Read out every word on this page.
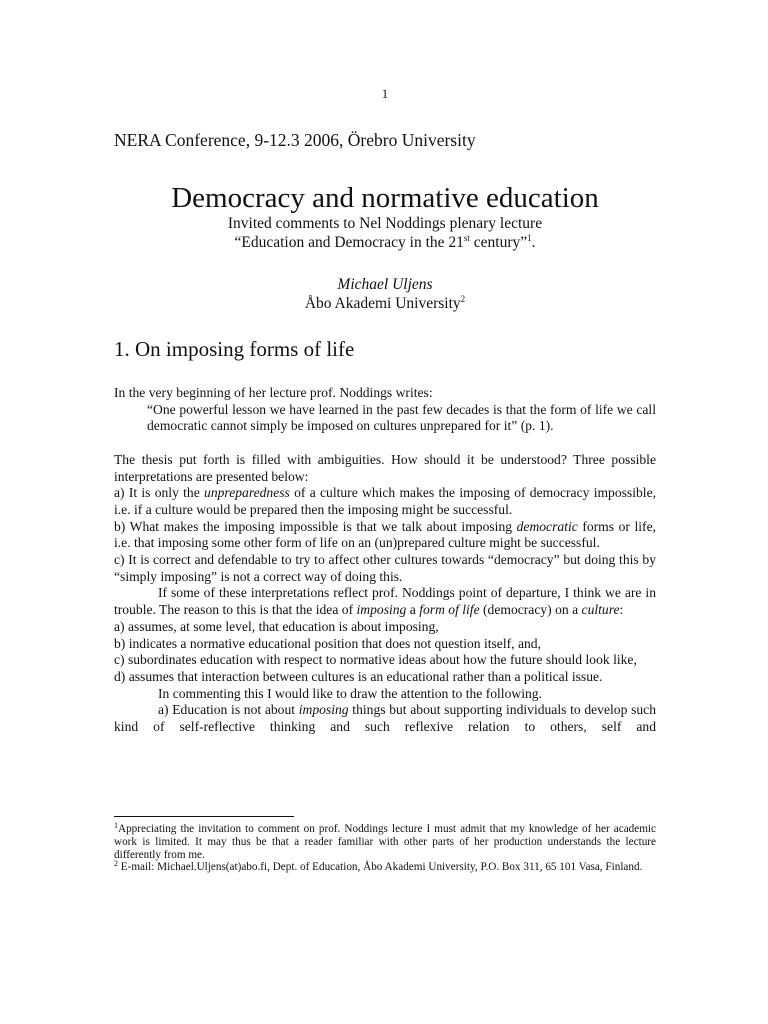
1
NERA Conference, 9-12.3 2006, Örebro University
Democracy and normative education
Invited comments to Nel Noddings plenary lecture
“Education and Democracy in the 21st century”$^1$.
Michael Uljens
Åbo Akademi University$^2$
1. On imposing forms of life

In the very beginning of her lecture prof. Noddings writes:

“One powerful lesson we have learned in the past few decades is that the form of life we call democratic cannot simply be imposed on cultures unprepared for it” (p. 1).

The thesis put forth is filled with ambiguities. How should it be understood? Three possible interpretations are presented below:

a) It is only the unpreparedness of a culture which makes the imposing of democracy impossible, i.e. if a culture would be prepared then the imposing might be successful.

b) What makes the imposing impossible is that we talk about imposing democratic forms or life, i.e. that imposing some other form of life on an (un)prepared culture might be successful.

c) It is correct and defendable to try to affect other cultures towards “democracy” but doing this by “simply imposing” is not a correct way of doing this.

If some of these interpretations reflect prof. Noddings point of departure, I think we are in trouble. The reason to this is that the idea of imposing a form of life (democracy) on a culture:

a) assumes, at some level, that education is about imposing,

b) indicates a normative educational position that does not question itself, and,

c) subordinates education with respect to normative ideas about how the future should look like,

d) assumes that interaction between cultures is an educational rather than a political issue.

In commenting this I would like to draw the attention to the following.

a) Education is not about imposing things but about supporting individuals to develop such kind of self-reflective thinking and such reflexive relation to others, self and

$^1$Appreciating the invitation to comment on prof. Noddings lecture I must admit that my knowledge of her academic work is limited. It may thus be that a reader familiar with other parts of her production understands the lecture differently from me.

$^2$ E-mail: Michael.Uljens(at)abo.fi, Dept. of Education, Åbo Akademi University, P.O. Box 311, 65 101 Vasa, Finland.
